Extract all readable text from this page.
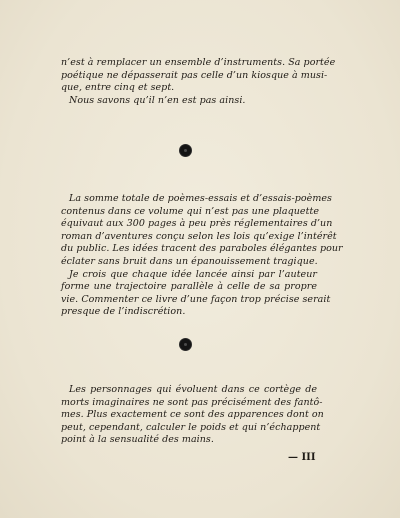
n’est à remplacer un ensemble d’instruments. Sa portée
poétique ne dépasserait pas celle d’un kiosque à musi-
que, entre cinq et sept.
Nous savons qu’il n’en est pas ainsi.
La somme totale de poèmes-essais et d’essais-poèmes
contenus dans ce volume qui n’est pas une plaquette
équivaut aux 300 pages à peu près réglementaires d’un
roman d’aventures conçu selon les lois qu’exige l’intérêt
du public. Les idées tracent des paraboles élégantes pour
éclater sans bruit dans un épanouissement tragique.
Je crois que chaque idée lancée ainsi par l’auteur
forme une trajectoire parallèle à celle de sa propre
vie. Commenter ce livre d’une façon trop précise serait
presque de l’indiscrétion.
Les personnages qui évoluent dans ce cortège de
morts imaginaires ne sont pas précisément des fantô-
mes. Plus exactement ce sont des apparences dont on
peut, cependant, calculer le poids et qui n’échappent
point à la sensualité des mains.
— III
